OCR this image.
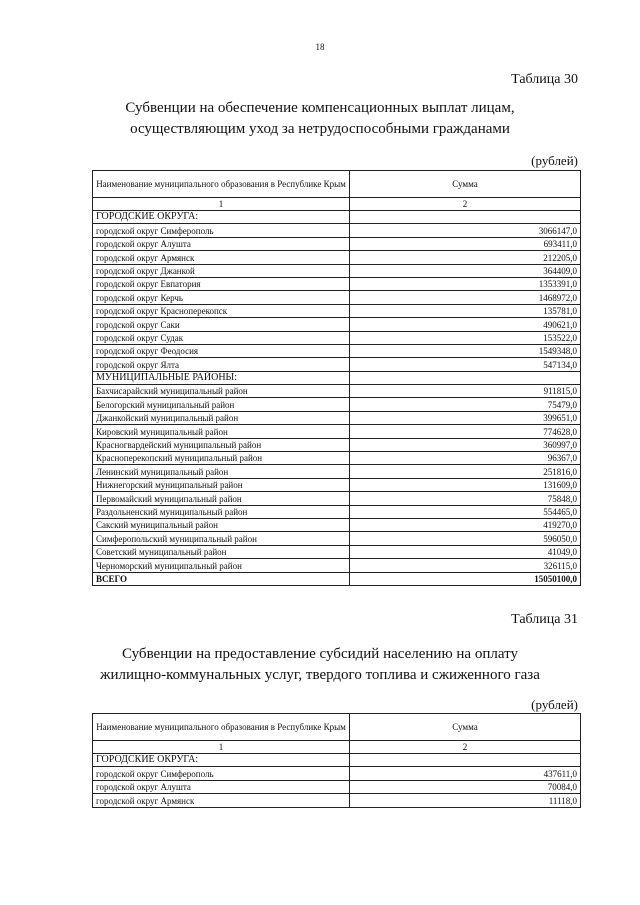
18
Таблица 30
Субвенции на обеспечение компенсационных выплат лицам,
осуществляющим уход за нетрудоспособными гражданами
(рублей)
Наименование муниципального образования в Республике Крым	Сумма
1	2
ГОРОДСКИЕ ОКРУГА:	
городской округ Симферополь	3066147,0
городской округ Алушта	693411,0
городской округ Армянск	212205,0
городской округ Джанкой	364409,0
городской округ Евпатория	1353391,0
городской округ Керчь	1468972,0
городской округ Красноперекопск	135781,0
городской округ Саки	490621,0
городской округ Судак	153522,0
городской округ Феодосия	1549348,0
городской округ Ялта	547134,0
МУНИЦИПАЛЬНЫЕ РАЙОНЫ:	
Бахчисарайский муниципальный район	911815,0
Белогорский муниципальный район	75479,0
Джанкойский муниципальный район	399651,0
Кировский муниципальный район	774628,0
Красногвардейский муниципальный район	360997,0
Красноперекопский муниципальный район	96367,0
Ленинский муниципальный район	251816,0
Нижнегорский муниципальный район	131609,0
Первомайский муниципальный район	75848,0
Раздольненский муниципальный район	554465,0
Сакский муниципальный район	419270,0
Симферопольский муниципальный район	596050,0
Советский муниципальный район	41049,0
Черноморский муниципальный район	326115,0
ВСЕГО	15050100,0
Таблица 31
Субвенции на предоставление субсидий населению на оплату
жилищно-коммунальных услуг, твердого топлива и сжиженного газа
(рублей)
Наименование муниципального образования в Республике Крым	Сумма
1	2
ГОРОДСКИЕ ОКРУГА:	
городской округ Симферополь	437611,0
городской округ Алушта	70084,0
городской округ Армянск	11118,0
